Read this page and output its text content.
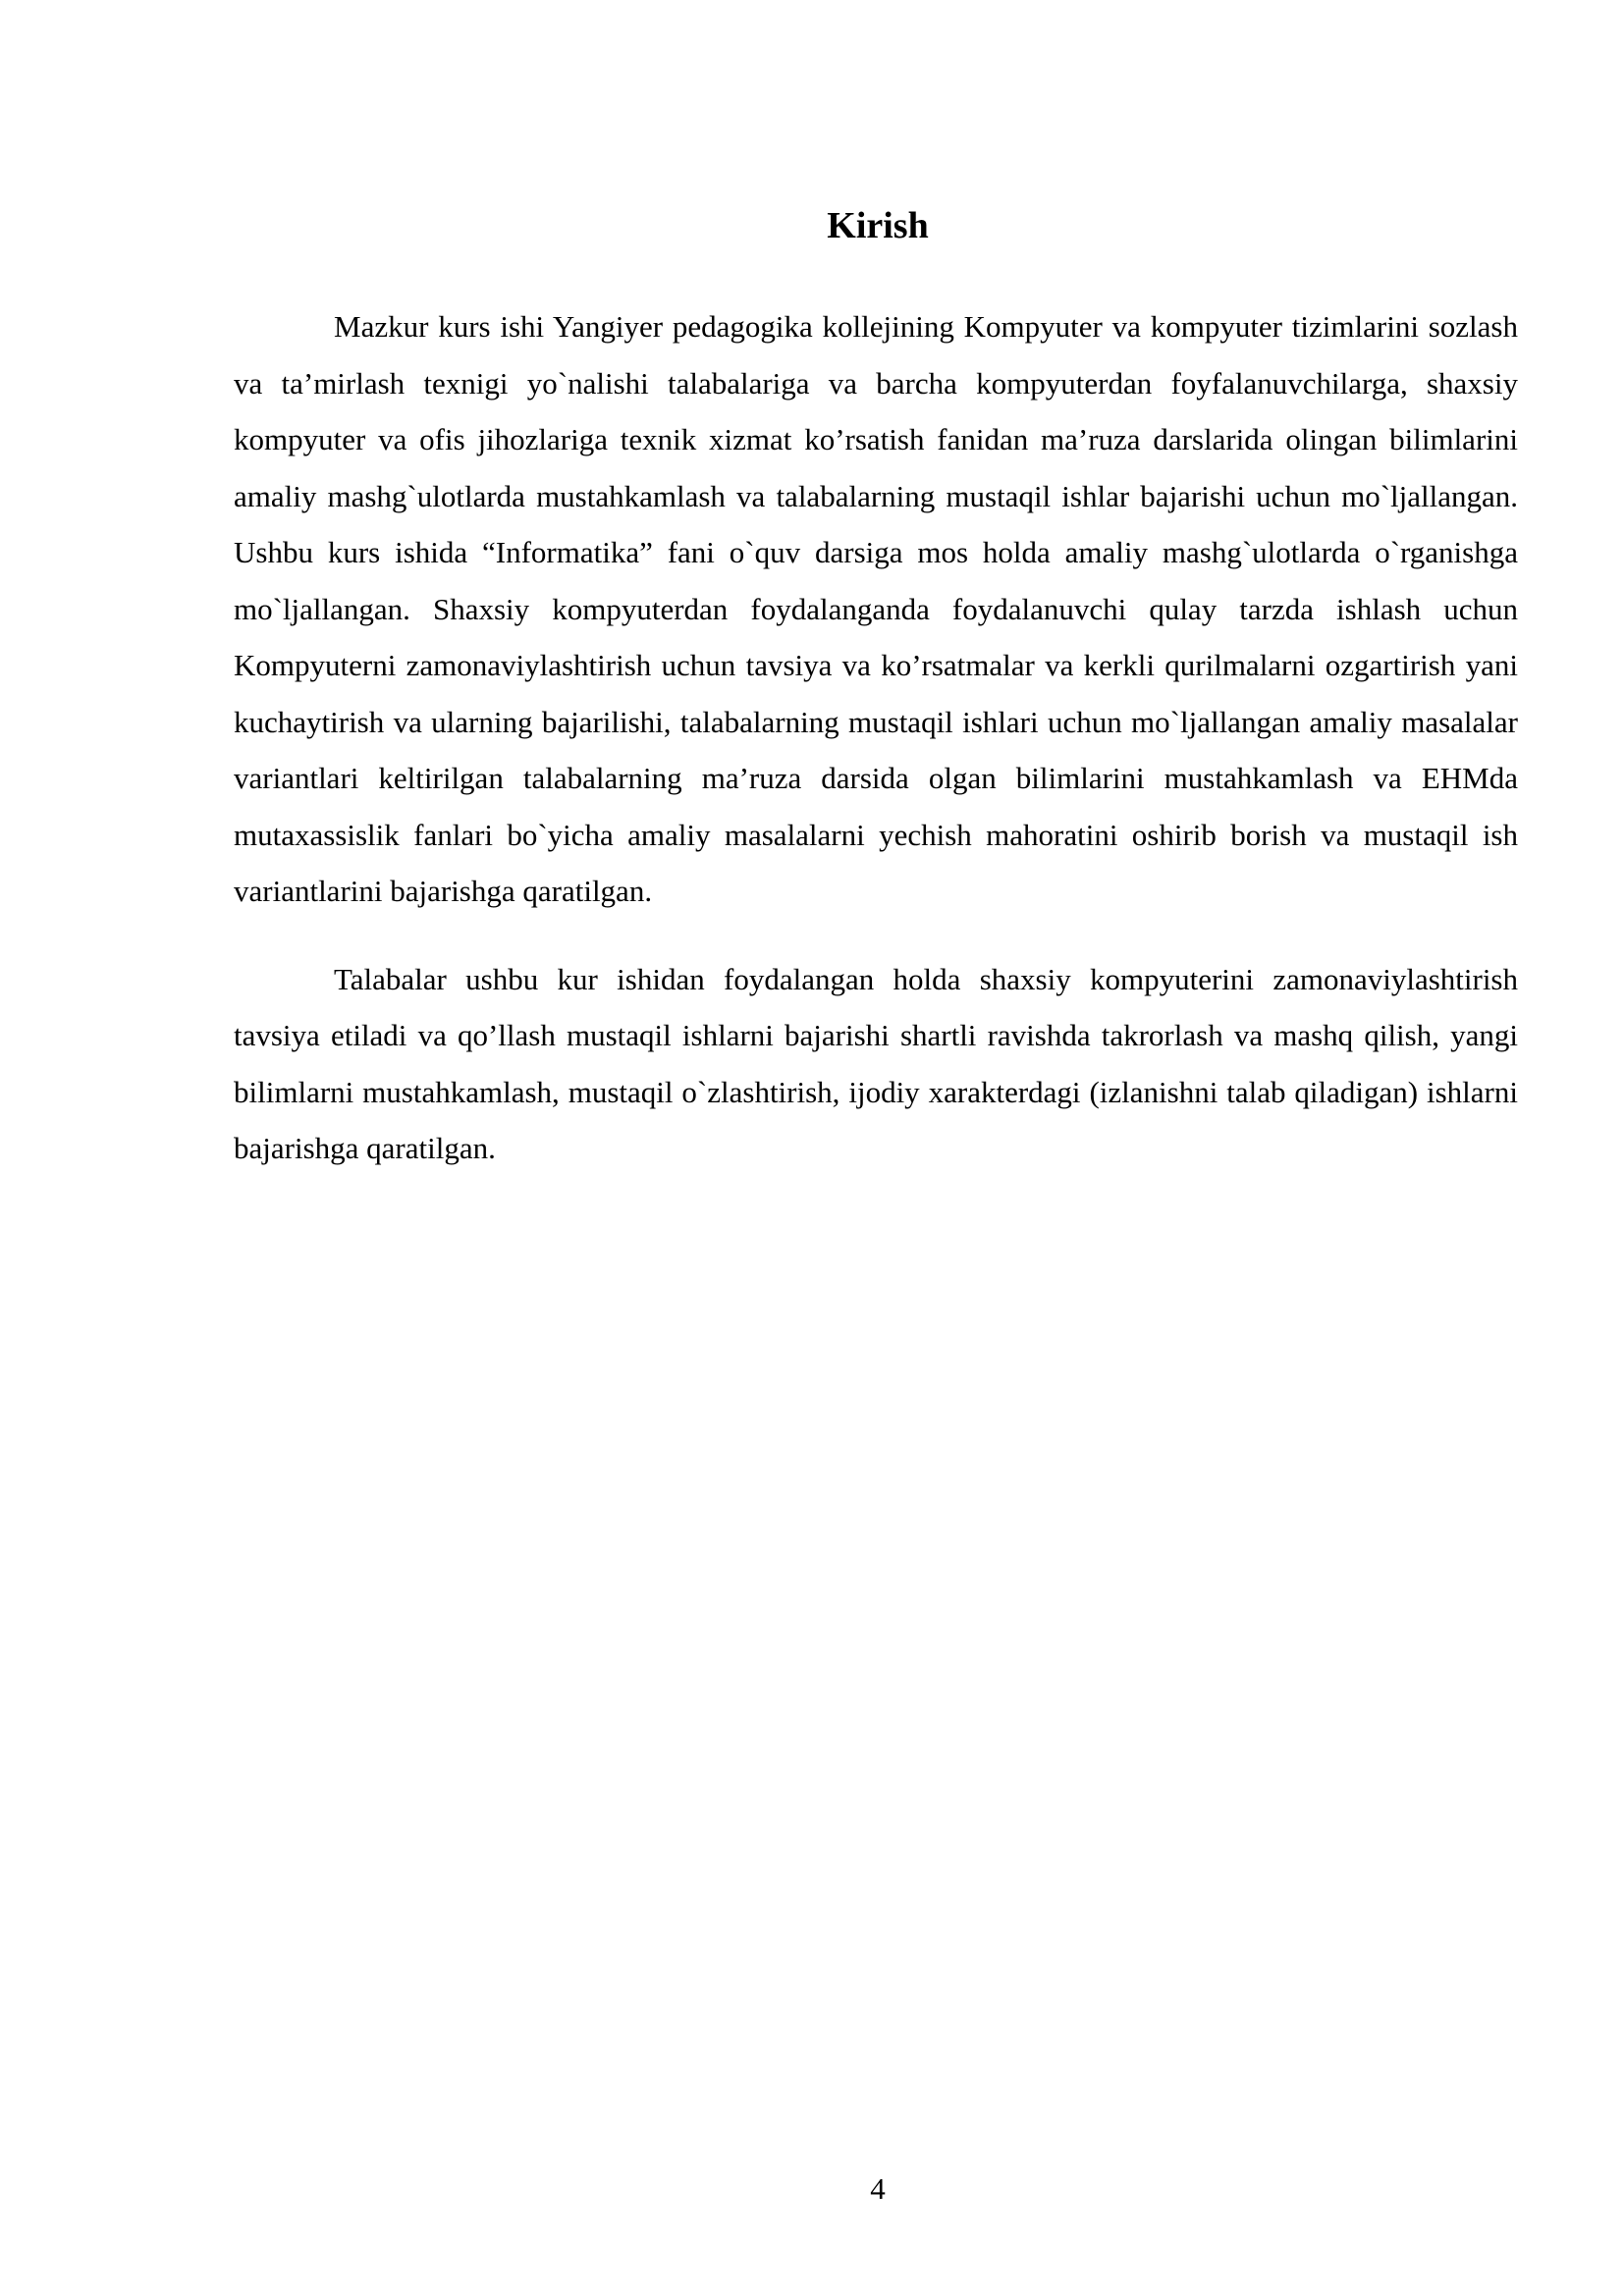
Kirish

Mazkur kurs ishi Yangiyer pedagogika kollejining Kompyuter va kompyuter tizimlarini sozlash va ta’mirlash texnigi yo`nalishi talabalariga va barcha kompyuterdan foyfalanuvchilarga, shaxsiy kompyuter va ofis jihozlariga texnik xizmat ko’rsatish fanidan ma’ruza darslarida olingan bilimlarini amaliy mashg`ulotlarda mustahkamlash va talabalarning mustaqil ishlar bajarishi uchun mo`ljallangan. Ushbu kurs ishida “Informatika” fani o`quv darsiga mos holda amaliy mashg`ulotlarda o`rganishga mo`ljallangan. Shaxsiy kompyuterdan foydalanganda foydalanuvchi qulay tarzda ishlash uchun Kompyuterni zamonaviylashtirish uchun tavsiya va ko’rsatmalar va kerkli qurilmalarni ozgartirish yani kuchaytirish va ularning bajarilishi, talabalarning mustaqil ishlari uchun mo`ljallangan amaliy masalalar variantlari keltirilgan talabalarning ma’ruza darsida olgan bilimlarini mustahkamlash va EHMda mutaxassislik fanlari bo`yicha amaliy masalalarni yechish mahoratini oshirib borish va mustaqil ish variantlarini bajarishga qaratilgan.

Talabalar ushbu kur ishidan foydalangan holda shaxsiy kompyuterini zamonaviylashtirish tavsiya etiladi va qo’llash mustaqil ishlarni bajarishi shartli ravishda takrorlash va mashq qilish, yangi bilimlarni mustahkamlash, mustaqil o`zlashtirish, ijodiy xarakterdagi (izlanishni talab qiladigan) ishlarni bajarishga qaratilgan.

4
